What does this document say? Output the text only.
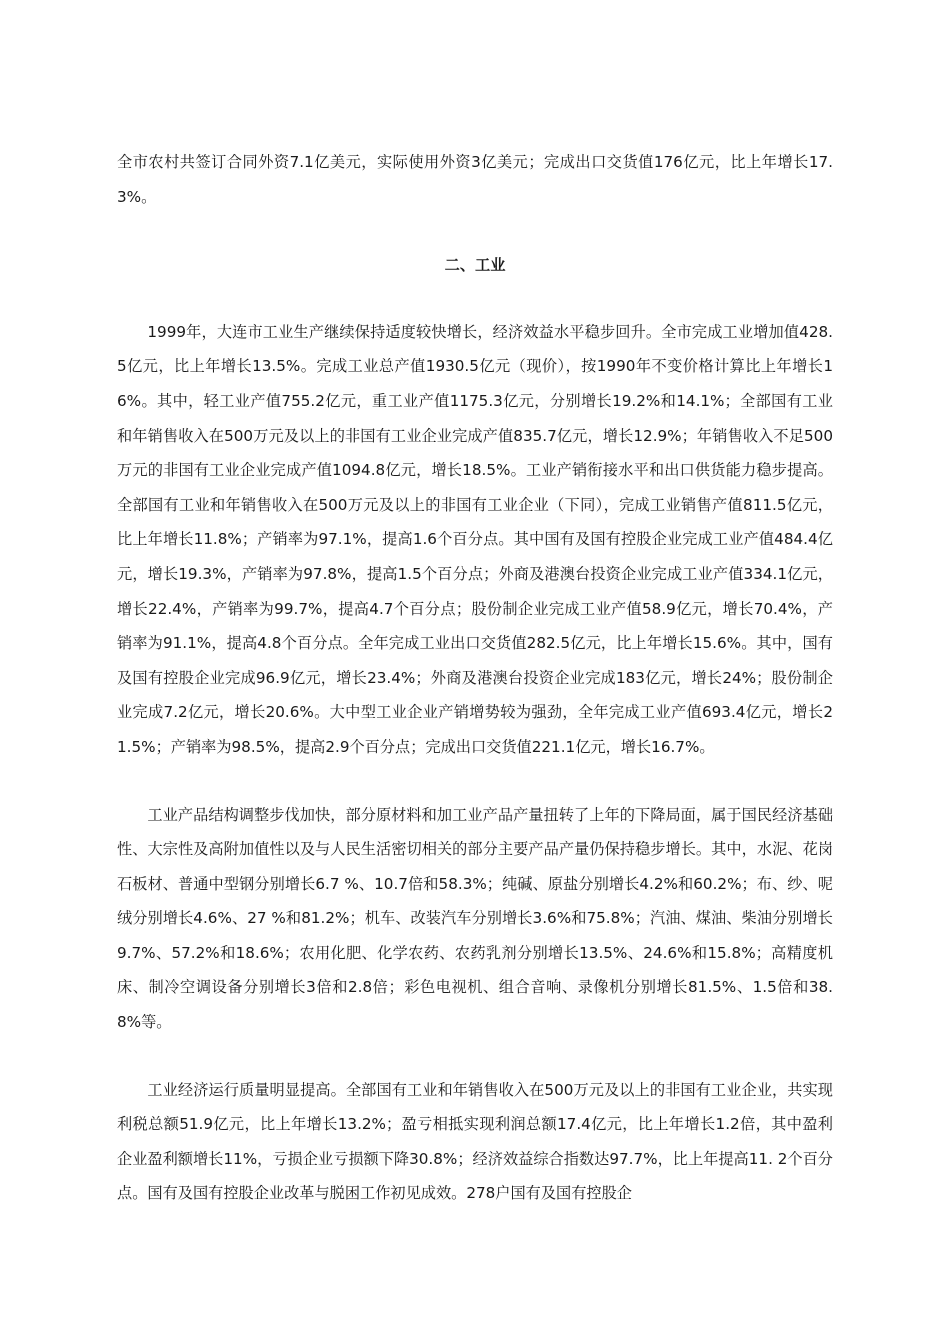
全市农村共签订合同外资7.1亿美元，实际使用外资3亿美元；完成出口交货值176亿元，比上年增长17.3%。

二、工业

1999年，大连市工业生产继续保持适度较快增长，经济效益水平稳步回升。全市完成工业增加值428.5亿元，比上年增长13.5%。完成工业总产值1930.5亿元（现价），按1990年不变价格计算比上年增长16%。其中，轻工业产值755.2亿元，重工业产值1175.3亿元，分别增长19.2%和14.1%；全部国有工业和年销售收入在500万元及以上的非国有工业企业完成产值835.7亿元，增长12.9%；年销售收入不足500万元的非国有工业企业完成产值1094.8亿元，增长18.5%。工业产销衔接水平和出口供货能力稳步提高。全部国有工业和年销售收入在500万元及以上的非国有工业企业（下同），完成工业销售产值811.5亿元，比上年增长11.8%；产销率为97.1%，提高1.6个百分点。其中国有及国有控股企业完成工业产值484.4亿元，增长19.3%，产销率为97.8%，提高1.5个百分点；外商及港澳台投资企业完成工业产值334.1亿元，增长22.4%，产销率为99.7%，提高4.7个百分点；股份制企业完成工业产值58.9亿元，增长70.4%，产销率为91.1%，提高4.8个百分点。全年完成工业出口交货值282.5亿元，比上年增长15.6%。其中，国有及国有控股企业完成96.9亿元，增长23.4%；外商及港澳台投资企业完成183亿元，增长24%；股份制企业完成7.2亿元，增长20.6%。大中型工业企业产销增势较为强劲，全年完成工业产值693.4亿元，增长21.5%；产销率为98.5%，提高2.9个百分点；完成出口交货值221.1亿元，增长16.7%。

工业产品结构调整步伐加快，部分原材料和加工业产品产量扭转了上年的下降局面，属于国民经济基础性、大宗性及高附加值性以及与人民生活密切相关的部分主要产品产量仍保持稳步增长。其中，水泥、花岗石板材、普通中型钢分别增长6.7 %、10.7倍和58.3%；纯碱、原盐分别增长4.2%和60.2%；布、纱、呢绒分别增长4.6%、27 %和81.2%；机车、改装汽车分别增长3.6%和75.8%；汽油、煤油、柴油分别增长9.7%、57.2%和18.6%；农用化肥、化学农药、农药乳剂分别增长13.5%、24.6%和15.8%；高精度机床、制冷空调设备分别增长3倍和2.8倍；彩色电视机、组合音响、录像机分别增长81.5%、1.5倍和38.8%等。

工业经济运行质量明显提高。全部国有工业和年销售收入在500万元及以上的非国有工业企业，共实现利税总额51.9亿元，比上年增长13.2%；盈亏相抵实现利润总额17.4亿元，比上年增长1.2倍，其中盈利企业盈利额增长11%，亏损企业亏损额下降30.8%；经济效益综合指数达97.7%，比上年提高11. 2个百分点。国有及国有控股企业改革与脱困工作初见成效。278户国有及国有控股企
